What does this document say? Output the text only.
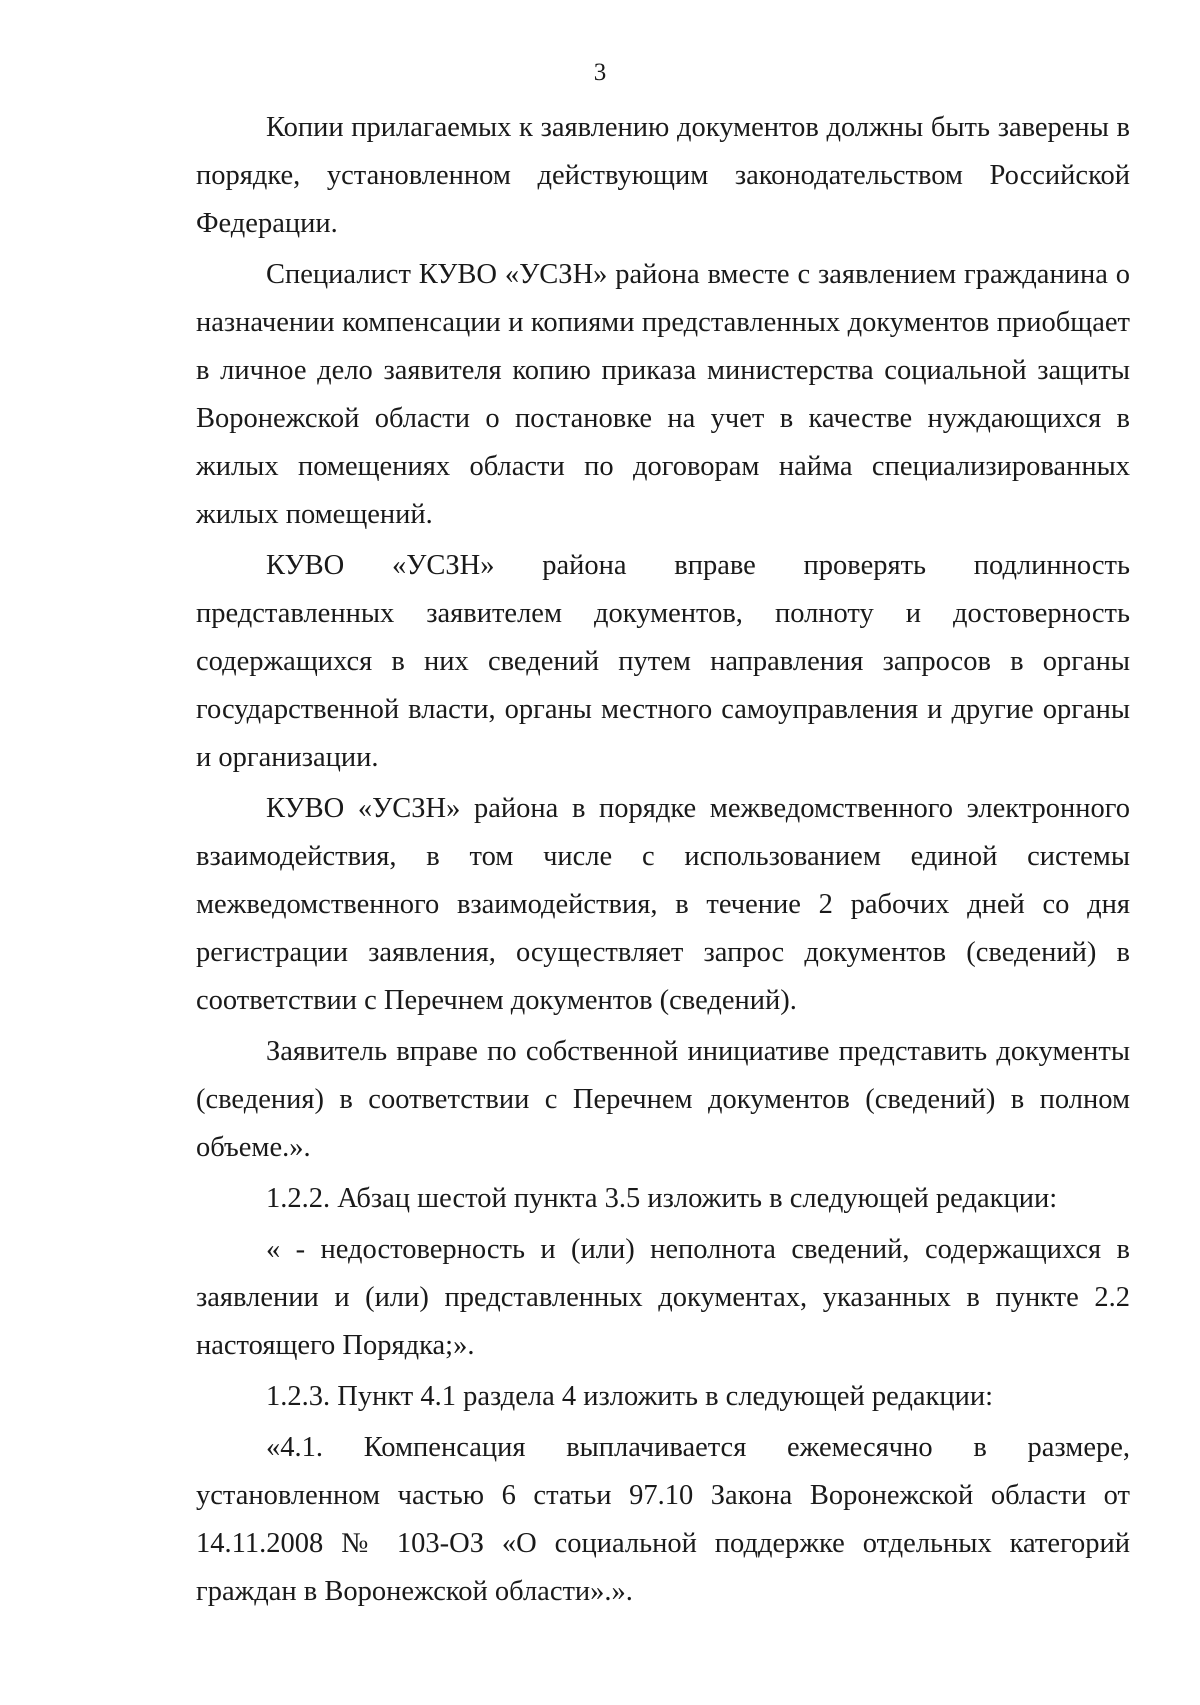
3

Копии прилагаемых к заявлению документов должны быть заверены в порядке, установленном действующим законодательством Российской Федерации.

Специалист КУВО «УСЗН» района вместе с заявлением гражданина о назначении компенсации и копиями представленных документов приобщает в личное дело заявителя копию приказа министерства социальной защиты Воронежской области о постановке на учет в качестве нуждающихся в жилых помещениях области по договорам найма специализированных жилых помещений.

КУВО «УСЗН» района вправе проверять подлинность представленных заявителем документов, полноту и достоверность содержащихся в них сведений путем направления запросов в органы государственной власти, органы местного самоуправления и другие органы и организации.

КУВО «УСЗН» района в порядке межведомственного электронного взаимодействия, в том числе с использованием единой системы межведомственного взаимодействия, в течение 2 рабочих дней со дня регистрации заявления, осуществляет запрос документов (сведений) в соответствии с Перечнем документов (сведений).

Заявитель вправе по собственной инициативе представить документы (сведения) в соответствии с Перечнем документов (сведений) в полном объеме.».

1.2.2. Абзац шестой пункта 3.5 изложить в следующей редакции:

« - недостоверность и (или) неполнота сведений, содержащихся в заявлении и (или) представленных документах, указанных в пункте 2.2 настоящего Порядка;».

1.2.3. Пункт 4.1 раздела 4 изложить в следующей редакции:

«4.1. Компенсация выплачивается ежемесячно в размере, установленном частью 6 статьи 97.10 Закона Воронежской области от 14.11.2008 № 103-ОЗ «О социальной поддержке отдельных категорий граждан в Воронежской области».».
